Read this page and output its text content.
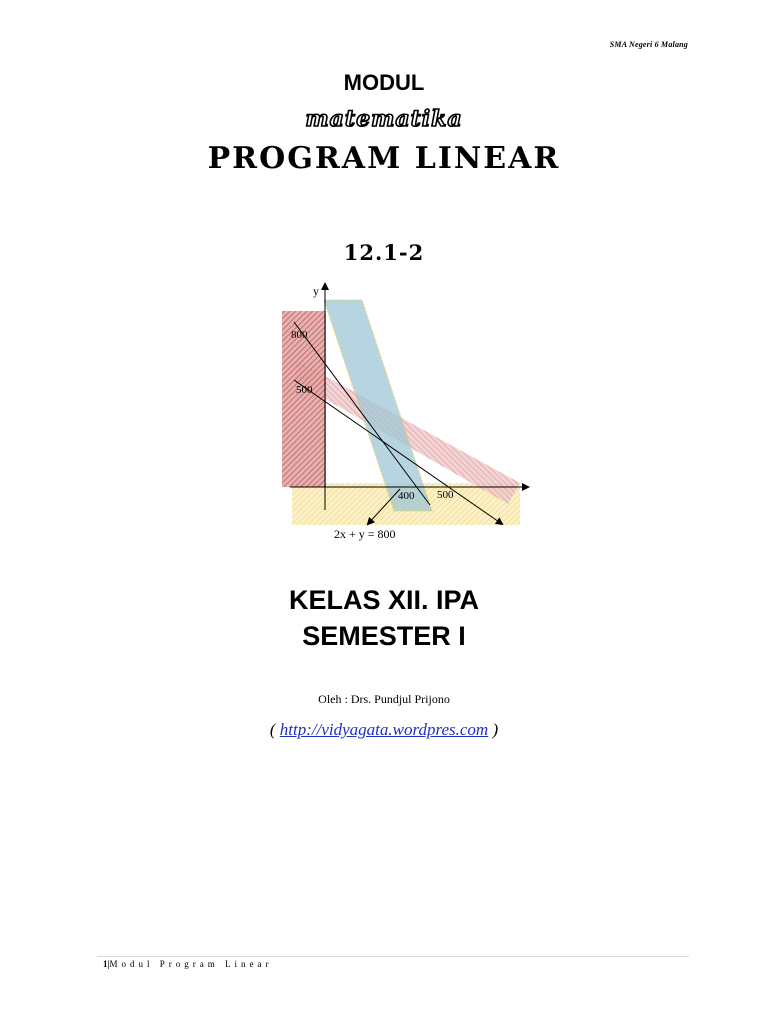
SMA Negeri 6 Malang
MODUL
matematika
PROGRAM LINEAR
12.1-2
y
800
500
400 500
2x + y = 800
KELAS XII. IPA
SEMESTER I
Oleh : Drs. Pundjul Prijono
( http://vidyagata.wordpres.com )
1|Modul Program Linear
